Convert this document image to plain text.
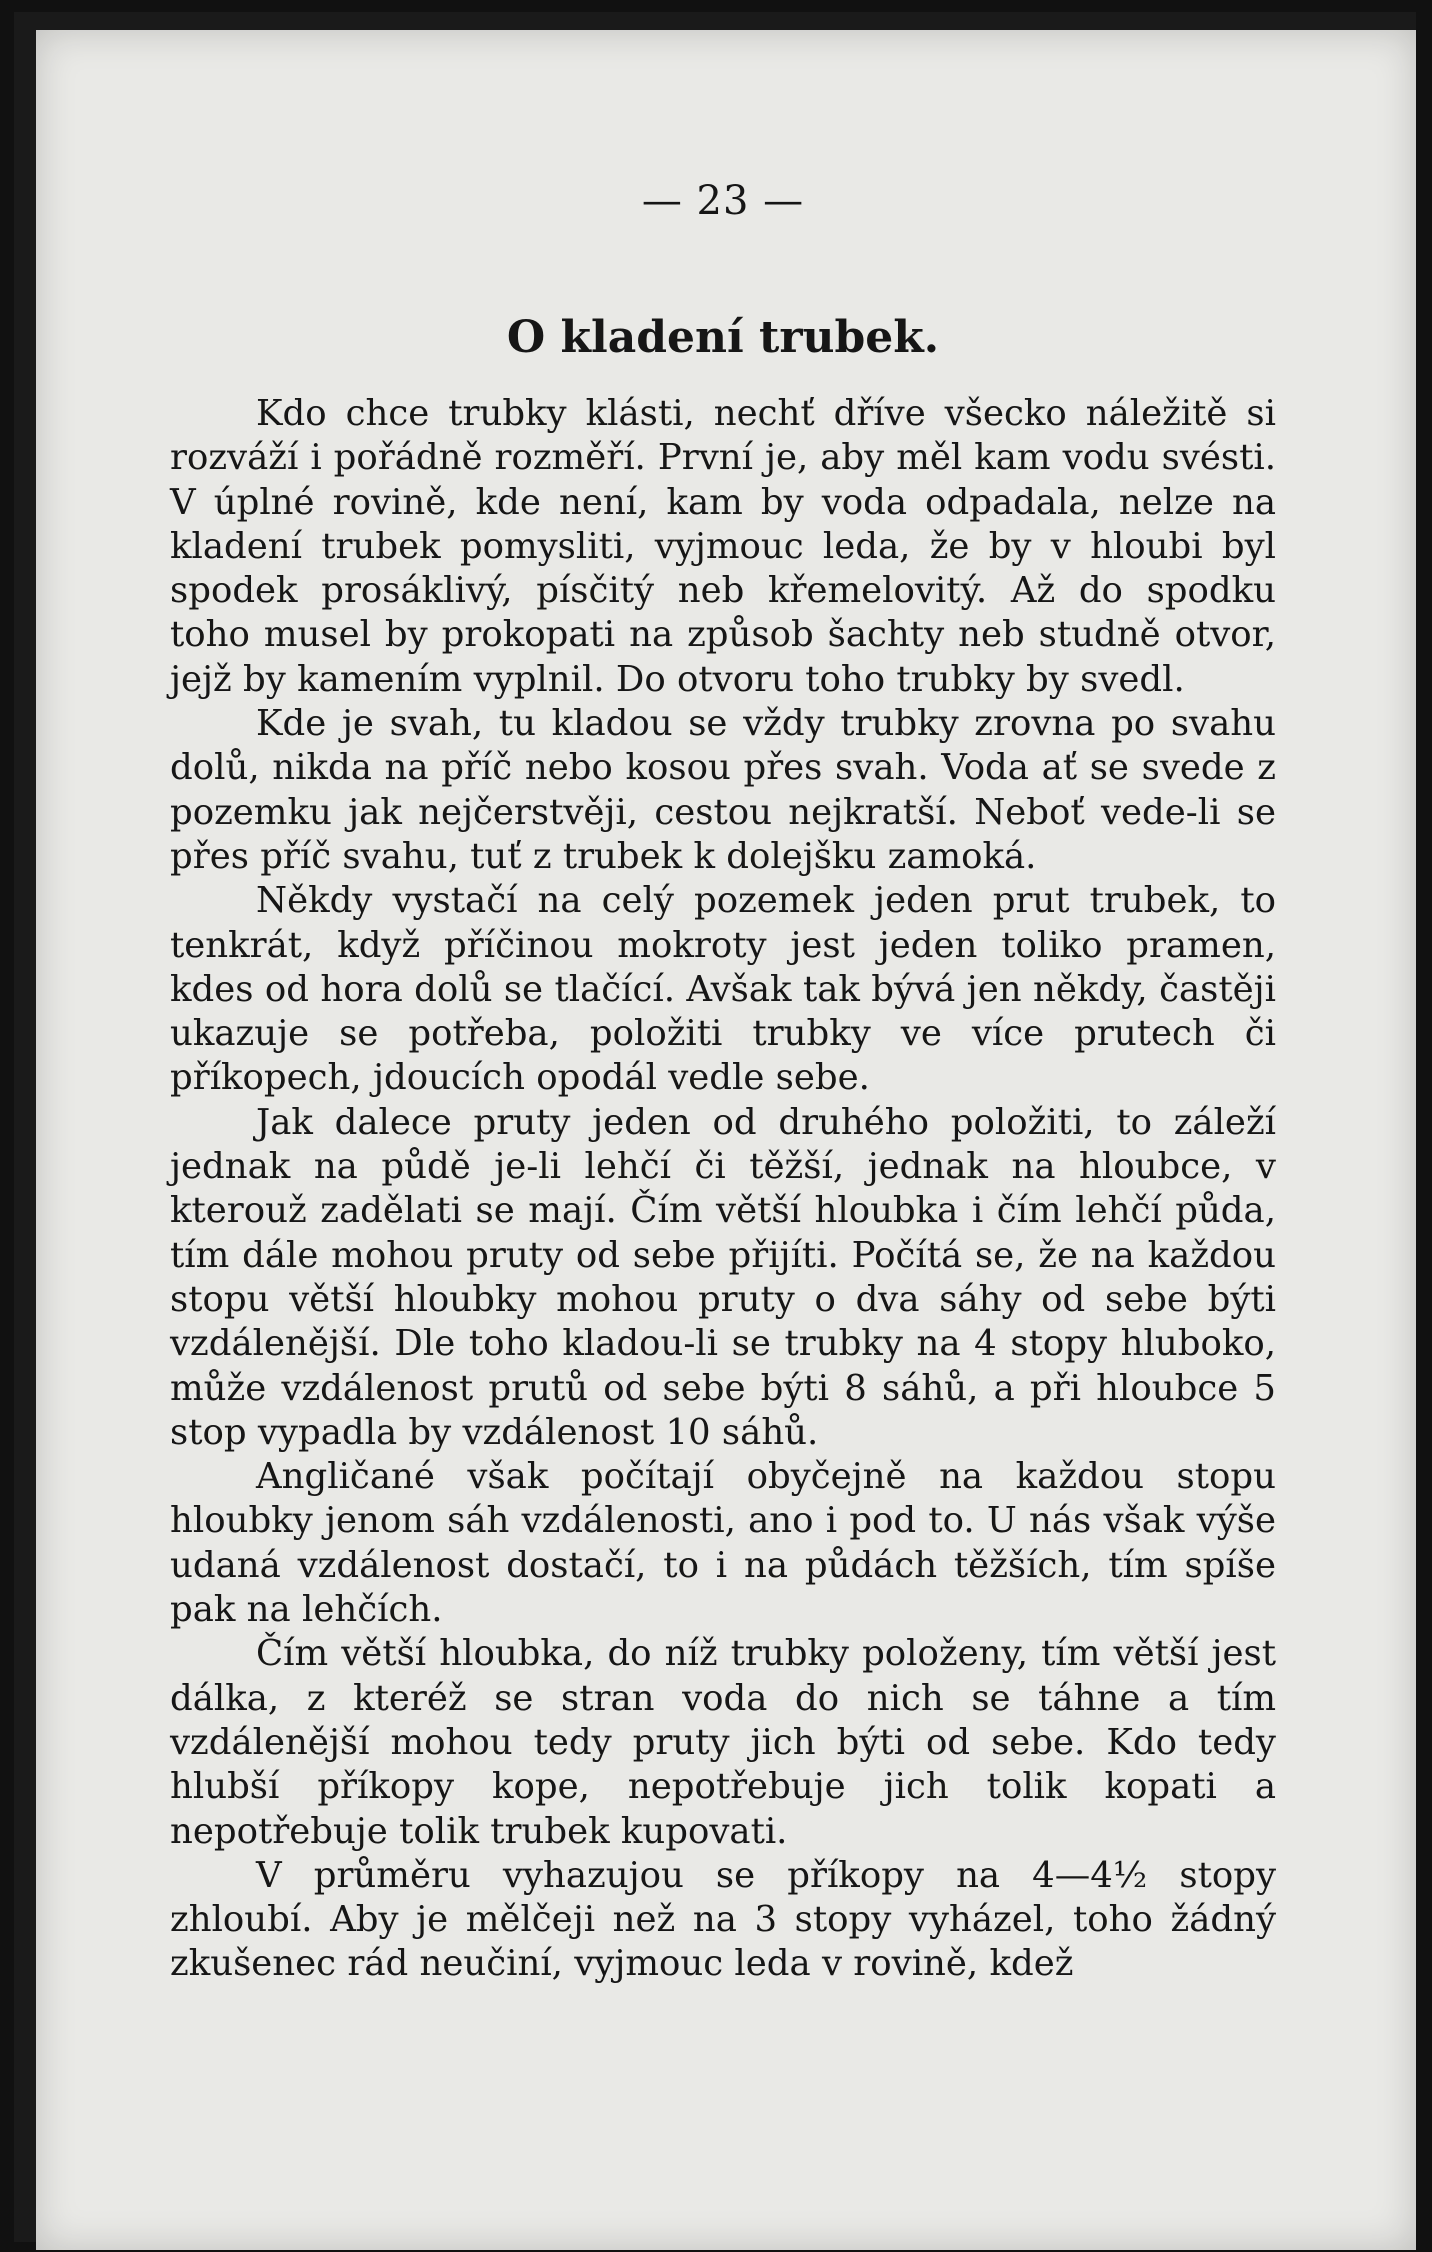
— 23 —
O kladení trubek.

Kdo chce trubky klásti, nechť dříve všecko náležitě si rozváží i pořádně rozměří. První je, aby měl kam vodu svésti. V úplné rovině, kde není, kam by voda odpadala, nelze na kladení trubek pomysliti, vyjmouc leda, že by v hloubi byl spodek prosáklivý, písčitý neb křemelovitý. Až do spodku toho musel by prokopati na způsob šachty neb studně otvor, jejž by kamením vyplnil. Do otvoru toho trubky by svedl.

Kde je svah, tu kladou se vždy trubky zrovna po svahu dolů, nikda na příč nebo kosou přes svah. Voda ať se svede z pozemku jak nejčerstvěji, cestou nejkratší. Neboť vede-li se přes příč svahu, tuť z trubek k dolejšku zamoká.

Někdy vystačí na celý pozemek jeden prut trubek, to tenkrát, když příčinou mokroty jest jeden toliko pramen, kdes od hora dolů se tlačící. Avšak tak bývá jen někdy, častěji ukazuje se potřeba, položiti trubky ve více prutech či příkopech, jdoucích opodál vedle sebe.

Jak dalece pruty jeden od druhého položiti, to záleží jednak na půdě je-li lehčí či těžší, jednak na hloubce, v kterouž zadělati se mají. Čím větší hloubka i čím lehčí půda, tím dále mohou pruty od sebe přijíti. Počítá se, že na každou stopu větší hloubky mohou pruty o dva sáhy od sebe býti vzdálenější. Dle toho kladou-li se trubky na 4 stopy hluboko, může vzdálenost prutů od sebe býti 8 sáhů, a při hloubce 5 stop vypadla by vzdálenost 10 sáhů.

Angličané však počítají obyčejně na každou stopu hloubky jenom sáh vzdálenosti, ano i pod to. U nás však výše udaná vzdálenost dostačí, to i na půdách těžších, tím spíše pak na lehčích.

Čím větší hloubka, do níž trubky položeny, tím větší jest dálka, z kteréž se stran voda do nich se táhne a tím vzdálenější mohou tedy pruty jich býti od sebe. Kdo tedy hlubší příkopy kope, nepotřebuje jich tolik kopati a nepotřebuje tolik trubek kupovati.

V průměru vyhazujou se příkopy na 4—4½ stopy zhloubí. Aby je mělčeji než na 3 stopy vyházel, toho žádný zkušenec rád neučiní, vyjmouc leda v rovině, kdež
